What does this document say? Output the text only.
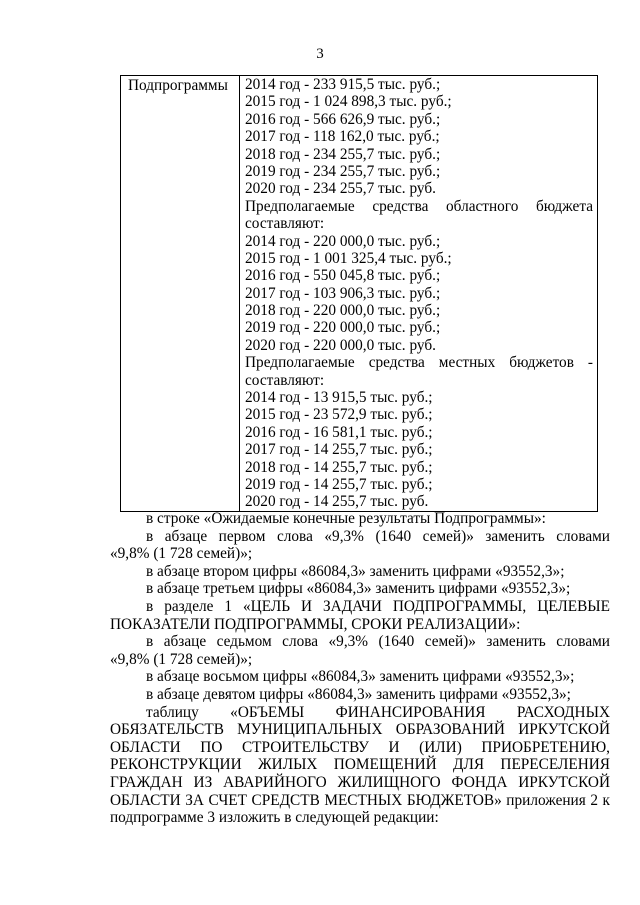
3
Подпрограммы 2014 год - 233 915,5 тыс. руб.;
2015 год - 1 024 898,3 тыс. руб.;
2016 год - 566 626,9 тыс. руб.;
2017 год - 118 162,0 тыс. руб.;
2018 год - 234 255,7 тыс. руб.;
2019 год - 234 255,7 тыс. руб.;
2020 год - 234 255,7 тыс. руб.
Предполагаемые средства областного бюджета
составляют:
2014 год - 220 000,0 тыс. руб.;
2015 год - 1 001 325,4 тыс. руб.;
2016 год - 550 045,8 тыс. руб.;
2017 год - 103 906,3 тыс. руб.;
2018 год - 220 000,0 тыс. руб.;
2019 год - 220 000,0 тыс. руб.;
2020 год - 220 000,0 тыс. руб.
Предполагаемые средства местных бюджетов -
составляют:
2014 год - 13 915,5 тыс. руб.;
2015 год - 23 572,9 тыс. руб.;
2016 год - 16 581,1 тыс. руб.;
2017 год - 14 255,7 тыс. руб.;
2018 год - 14 255,7 тыс. руб.;
2019 год - 14 255,7 тыс. руб.;
2020 год - 14 255,7 тыс. руб.
в строке «Ожидаемые конечные результаты Подпрограммы»:
в абзаце первом слова «9,3% (1640 семей)» заменить словами
«9,8% (1 728 семей)»;
в абзаце втором цифры «86084,3» заменить цифрами «93552,3»;
в абзаце третьем цифры «86084,3» заменить цифрами «93552,3»;
в разделе 1 «ЦЕЛЬ И ЗАДАЧИ ПОДПРОГРАММЫ, ЦЕЛЕВЫЕ
ПОКАЗАТЕЛИ ПОДПРОГРАММЫ, СРОКИ РЕАЛИЗАЦИИ»:
в абзаце седьмом слова «9,3% (1640 семей)» заменить словами
«9,8% (1 728 семей)»;
в абзаце восьмом цифры «86084,3» заменить цифрами «93552,3»;
в абзаце девятом цифры «86084,3» заменить цифрами «93552,3»;
таблицу «ОБЪЕМЫ ФИНАНСИРОВАНИЯ РАСХОДНЫХ
ОБЯЗАТЕЛЬСТВ МУНИЦИПАЛЬНЫХ ОБРАЗОВАНИЙ ИРКУТСКОЙ
ОБЛАСТИ ПО СТРОИТЕЛЬСТВУ И (ИЛИ) ПРИОБРЕТЕНИЮ,
РЕКОНСТРУКЦИИ ЖИЛЫХ ПОМЕЩЕНИЙ ДЛЯ ПЕРЕСЕЛЕНИЯ
ГРАЖДАН ИЗ АВАРИЙНОГО ЖИЛИЩНОГО ФОНДА ИРКУТСКОЙ
ОБЛАСТИ ЗА СЧЕТ СРЕДСТВ МЕСТНЫХ БЮДЖЕТОВ» приложения 2 к
подпрограмме 3 изложить в следующей редакции:
